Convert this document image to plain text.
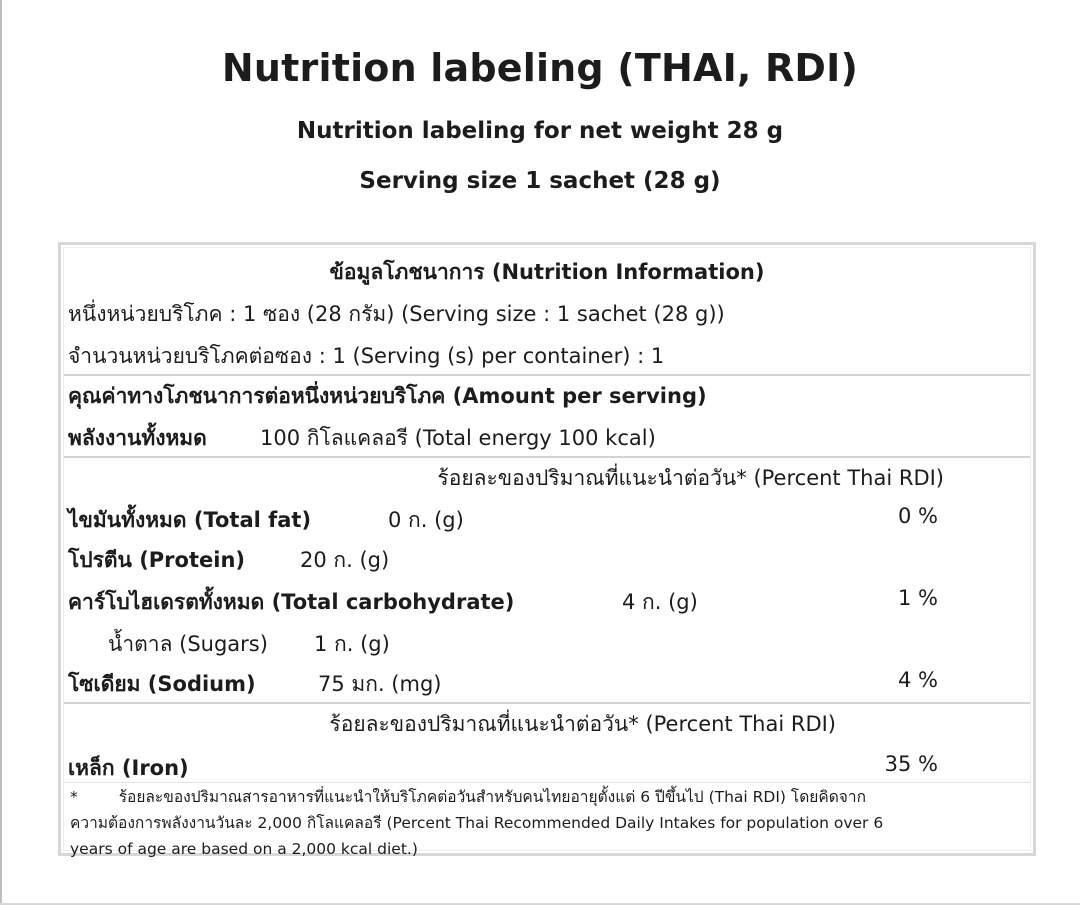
Nutrition labeling (THAI, RDI)
Nutrition labeling for net weight 28 g
Serving size 1 sachet (28 g)
ข้อมูลโภชนาการ (Nutrition Information)
หนึ่งหน่วยบริโภค : 1 ซอง (28 กรัม) (Serving size : 1 sachet (28 g))
จำนวนหน่วยบริโภคต่อซอง : 1 (Serving (s) per container) : 1
คุณค่าทางโภชนาการต่อหนึ่งหน่วยบริโภค (Amount per serving)
พลังงานทั้งหมด	100 กิโลแคลอรี (Total energy 100 kcal)
ร้อยละของปริมาณที่แนะนำต่อวัน* (Percent Thai RDI)
ไขมันทั้งหมด (Total fat)	0 ก. (g)	0 %
โปรตีน (Protein)	20 ก. (g)
คาร์โบไฮเดรตทั้งหมด (Total carbohydrate)	4 ก. (g)	1 %
น้ำตาล (Sugars) 1 ก. (g)
โซเดียม (Sodium)	75 มก. (mg)	4 %
ร้อยละของปริมาณที่แนะนำต่อวัน* (Percent Thai RDI)
เหล็ก (Iron)	35 %
*	ร้อยละของปริมาณสารอาหารที่แนะนำให้บริโภคต่อวันสำหรับคนไทยอายุตั้งแต่ 6 ปีขึ้นไป (Thai RDI) โดยคิดจาก
ความต้องการพลังงานวันละ 2,000 กิโลแคลอรี (Percent Thai Recommended Daily Intakes for population over 6
years of age are based on a 2,000 kcal diet.)
